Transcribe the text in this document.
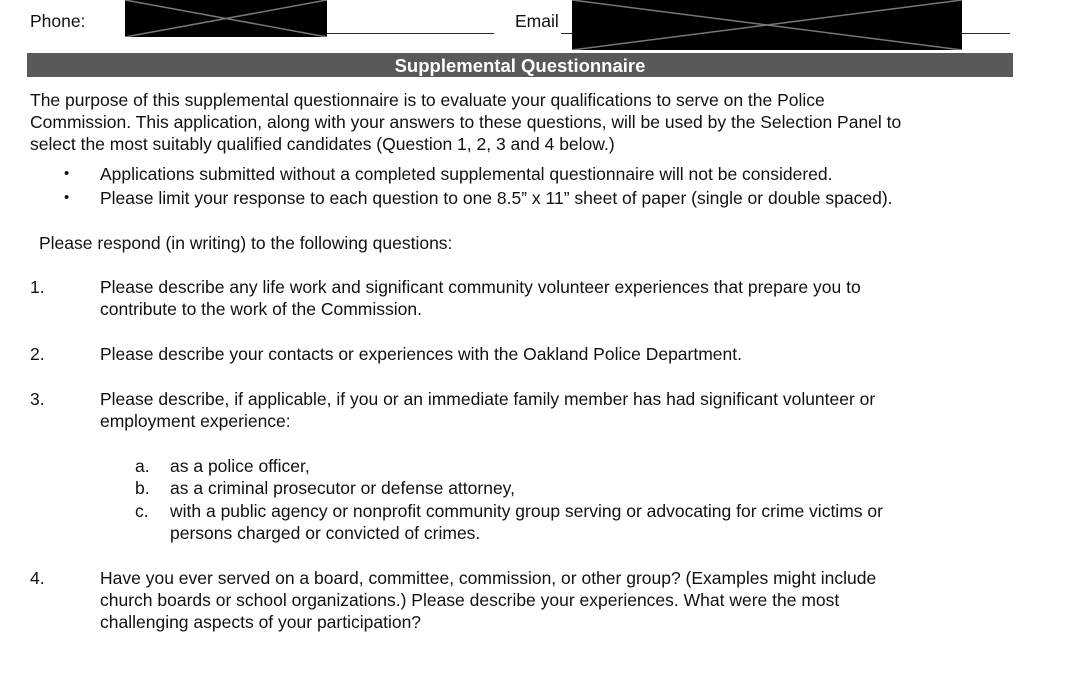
Phone:	Email
Supplemental Questionnaire
The purpose of this supplemental questionnaire is to evaluate your qualifications to serve on the Police
Commission. This application, along with your answers to these questions, will be used by the Selection Panel to
select the most suitably qualified candidates (Question 1, 2, 3 and 4 below.)
• Applications submitted without a completed supplemental questionnaire will not be considered.
• Please limit your response to each question to one 8.5” x 11” sheet of paper (single or double spaced).
Please respond (in writing) to the following questions:
1.	Please describe any life work and significant community volunteer experiences that prepare you to
contribute to the work of the Commission.
2.	Please describe your contacts or experiences with the Oakland Police Department.
3.	Please describe, if applicable, if you or an immediate family member has had significant volunteer or
employment experience:
a. as a police officer,
b. as a criminal prosecutor or defense attorney,
c. with a public agency or nonprofit community group serving or advocating for crime victims or
persons charged or convicted of crimes.
4.	Have you ever served on a board, committee, commission, or other group? (Examples might include
church boards or school organizations.) Please describe your experiences. What were the most
challenging aspects of your participation?
